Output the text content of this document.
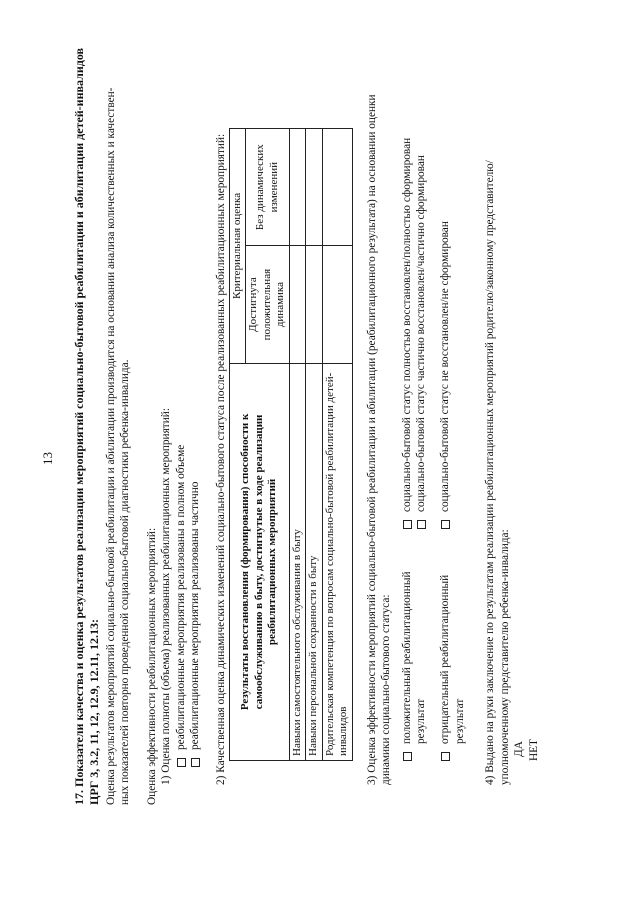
13 17. Показатели качества и оценка результатов реализации мероприятий социально-бытовой реабилитации и абилитации детей-инвалидов ЦРГ 3, 3.2, 11, 12, 12.9, 12.11, 12.13: Оценка результатов мероприятий социально-бытовой реабилитации и абилитации производится на основании анализа количественных и качествен- ных показателей повторно проведенной социально-бытовой диагностики ребенка-инвалида. Оценка эффективности реабилитационных мероприятий: 1) Оценка полноты (объема) реализованных реабилитационных мероприятий: реабилитационные мероприятия реализованы в полном объеме реабилитационные мероприятия реализованы частично 2) Качественная оценка динамических изменений социально-бытового статуса после реализованных реабилитационных мероприятий: Результаты восстановления (формирования) способности к самообслуживанию в быту, достигнутые в ходе реализации реабилитационных мероприятий	Критериальная оценка	
	Достигнута положительная динамика	Без динамических изменений
Навыки самостоятельного обслуживания в быту		
Навыки персональной сохранности в быту		
Родительская компетенция по вопросам социально-бытовой реабилитации детей-инвалидов		3) Оценка эффективности мероприятий социально-бытовой реабилитации и абилитации (реабилитационного результата) на основании оценки динамики социально-бытового статуса: положительный реабилитационный результат
социально-бытовой статус полностью восстановлен/полностью сформирован социально-бытовой статус частично восстановлен/частично сформирован
отрицательный реабилитационный результат
социально-бытовой статус не восстановлен/не сформирован	4) Выдано на руки заключение по результатам реализации реабилитационных мероприятий родителю/законному представителю/ уполномоченному представителю ребенка-инвалида: ДА НЕТ
